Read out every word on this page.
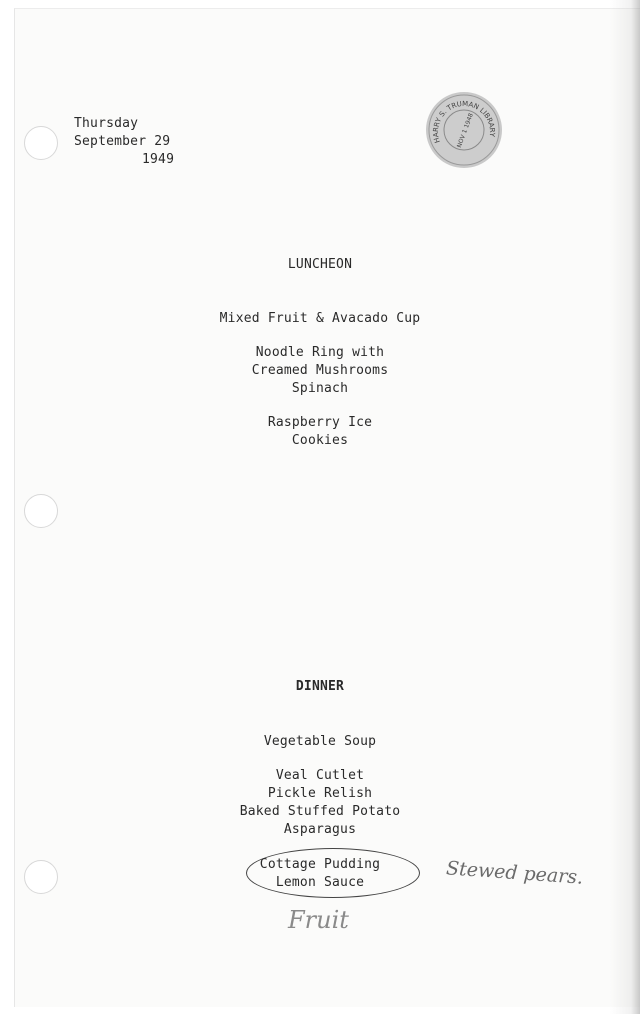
Thursday
September 29
1949
HARRY S. TRUMAN LIBRARY
NOV 1 1948
LUNCHEON
Mixed Fruit & Avacado Cup
Noodle Ring with
Creamed Mushrooms
Spinach
Raspberry Ice
Cookies
DINNER
Vegetable Soup
Veal Cutlet
Pickle Relish
Baked Stuffed Potato
Asparagus
Cottage Pudding
Lemon Sauce	Stewed pears.
Fruit
